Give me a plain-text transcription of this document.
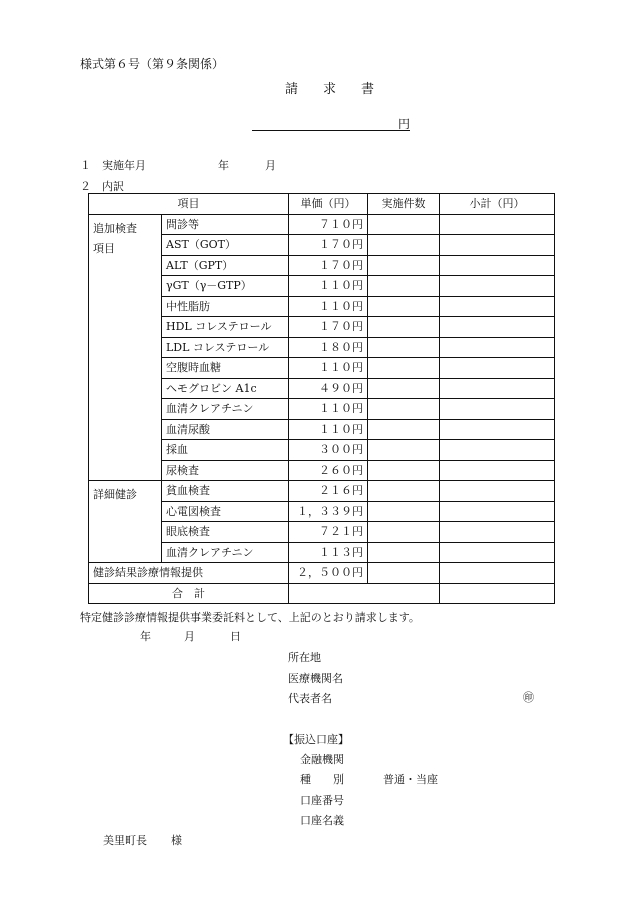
様式第６号（第９条関係）
請 求 書
円
１ 実施年月	年	月
２ 内訳
項目		単価（円）	実施件数	小計（円）

追加検査
項目	問診等	７１０円		
	AST（GOT）	１７０円		
	ALT（GPT）	１７０円		
	γGT（γ－GTP）	１１０円		
	中性脂肪	１１０円		
	HDL コレステロール	１７０円		
	LDL コレステロール	１８０円		
	空腹時血糖	１１０円		
	ヘモグロビン A1c	４９０円		
	血清クレアチニン	１１０円		
	血清尿酸	１１０円		
	採血	３００円		
	尿検査	２６０円		

詳細健診	貧血検査	２１６円		
	心電図検査	１，３３９円		
	眼底検査	７２１円		
	血清クレアチニン	１１３円		
健診結果診療情報提供		２，５００円		
合　計				
特定健診診療情報提供事業委託料として、上記のとおり請求します。
年	月	日
所在地
医療機関名
代表者名	㊞
【振込口座】
金融機関
種　　別	普通・当座
口座番号
口座名義
美里町長 様
